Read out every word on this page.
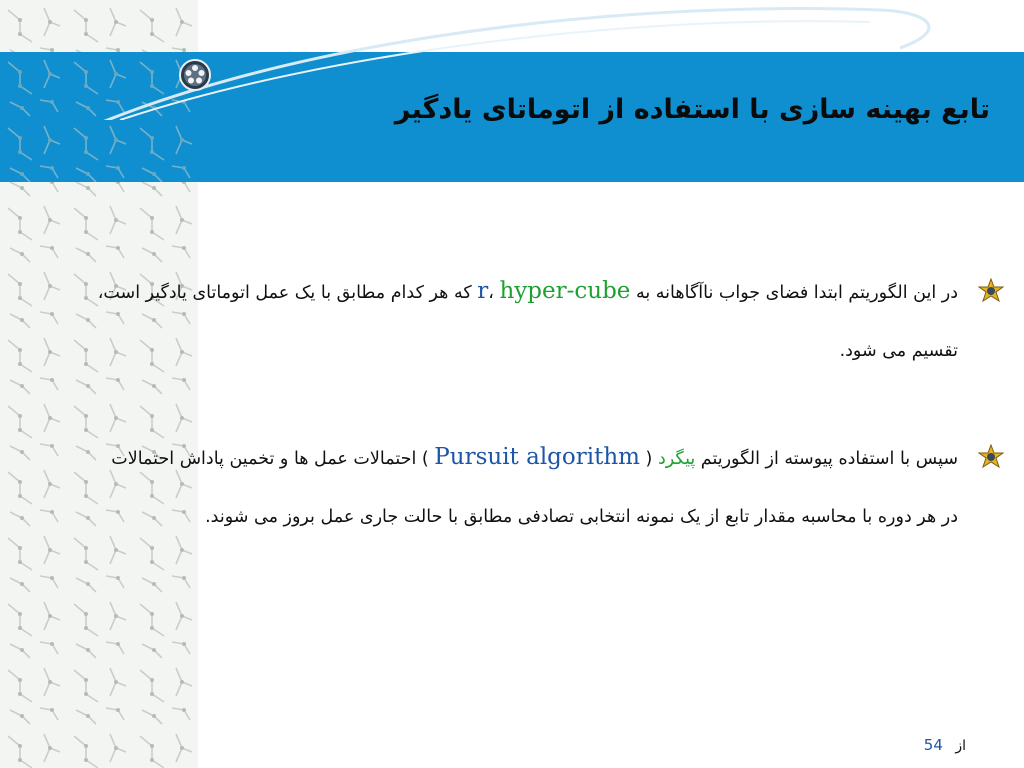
تابع بهینه سازی با استفاده از اتوماتای یادگیر
در این الگوریتم ابتدا فضای جواب ناآگاهانه به r، hyper-cube که هر کدام مطابق با یک عمل اتوماتای یادگیر است، تقسیم می شود.
سپس با استفاده پیوسته از الگوریتم پیگرد ( Pursuit algorithm ) احتمالات عمل ها و تخمین پاداش احتمالات در هر دوره با محاسبه مقدار تابع از یک نمونه انتخابی تصادفی مطابق با حالت جاری عمل بروز می شوند.
از 54
